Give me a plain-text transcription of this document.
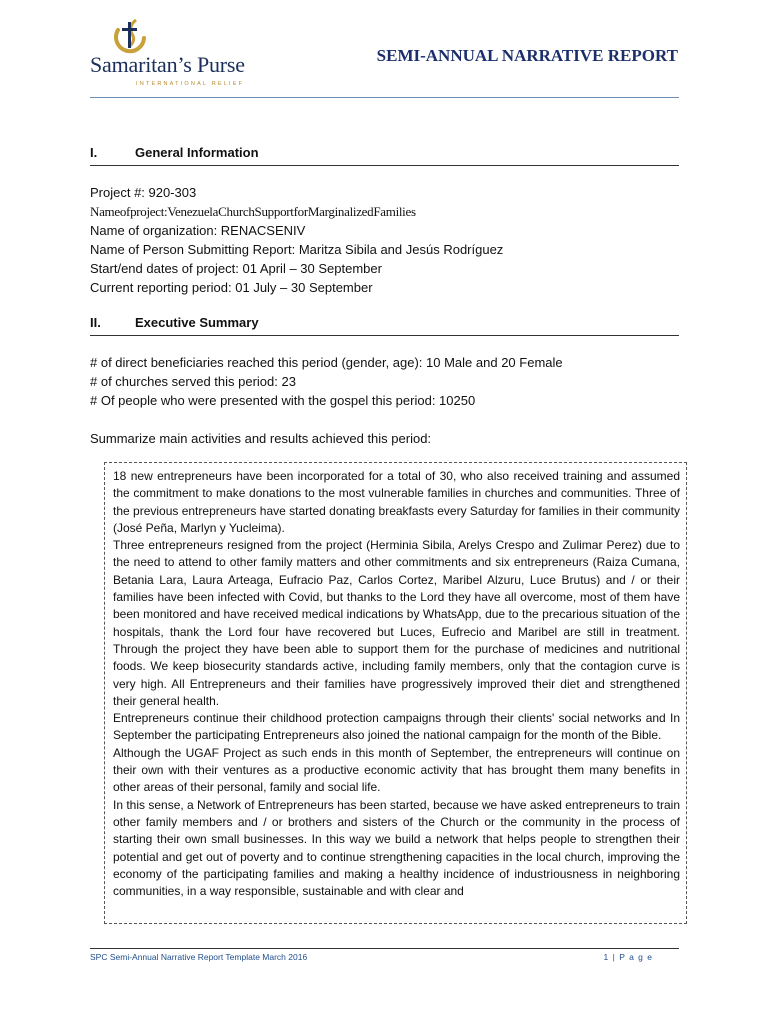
Samaritan’s Purse
INTERNATIONAL RELIEF
SEMI-ANNUAL NARRATIVE REPORT
I.	General Information
Project #: 920-303
Nameofproject:VenezuelaChurchSupportforMarginalizedFamilies
Name of organization: RENACSENIV
Name of Person Submitting Report: Maritza Sibila and Jesús Rodríguez
Start/end dates of project: 01 April – 30 September
Current reporting period: 01 July – 30 September
II.	Executive Summary
# of direct beneficiaries reached this period (gender, age): 10 Male and 20 Female
# of churches served this period: 23
# Of people who were presented with the gospel this period: 10250
Summarize main activities and results achieved this period:

18 new entrepreneurs have been incorporated for a total of 30, who also received training and assumed the commitment to make donations to the most vulnerable families in churches and communities. Three of the previous entrepreneurs have started donating breakfasts every Saturday for families in their community (José Peña, Marlyn y Yucleima).

Three entrepreneurs resigned from the project (Herminia Sibila, Arelys Crespo and Zulimar Perez) due to the need to attend to other family matters and other commitments and six entrepreneurs (Raiza Cumana, Betania Lara, Laura Arteaga, Eufracio Paz, Carlos Cortez, Maribel Alzuru, Luce Brutus) and / or their families have been infected with Covid, but thanks to the Lord they have all overcome, most of them have been monitored and have received medical indications by WhatsApp, due to the precarious situation of the hospitals, thank the Lord four have recovered but Luces, Eufrecio and Maribel are still in treatment. Through the project they have been able to support them for the purchase of medicines and nutritional foods. We keep biosecurity standards active, including family members, only that the contagion curve is very high. All Entrepreneurs and their families have progressively improved their diet and strengthened their general health.

Entrepreneurs continue their childhood protection campaigns through their clients' social networks and In September the participating Entrepreneurs also joined the national campaign for the month of the Bible.

Although the UGAF Project as such ends in this month of September, the entrepreneurs will continue on their own with their ventures as a productive economic activity that has brought them many benefits in other areas of their personal, family and social life.

In this sense, a Network of Entrepreneurs has been started, because we have asked entrepreneurs to train other family members and / or brothers and sisters of the Church or the community in the process of starting their own small businesses. In this way we build a network that helps people to strengthen their potential and get out of poverty and to continue strengthening capacities in the local church, improving the economy of the participating families and making a healthy incidence of industriousness in neighboring communities, in a way responsible, sustainable and with clear and

SPC Semi-Annual Narrative Report Template March 2016	1 | P a g e
